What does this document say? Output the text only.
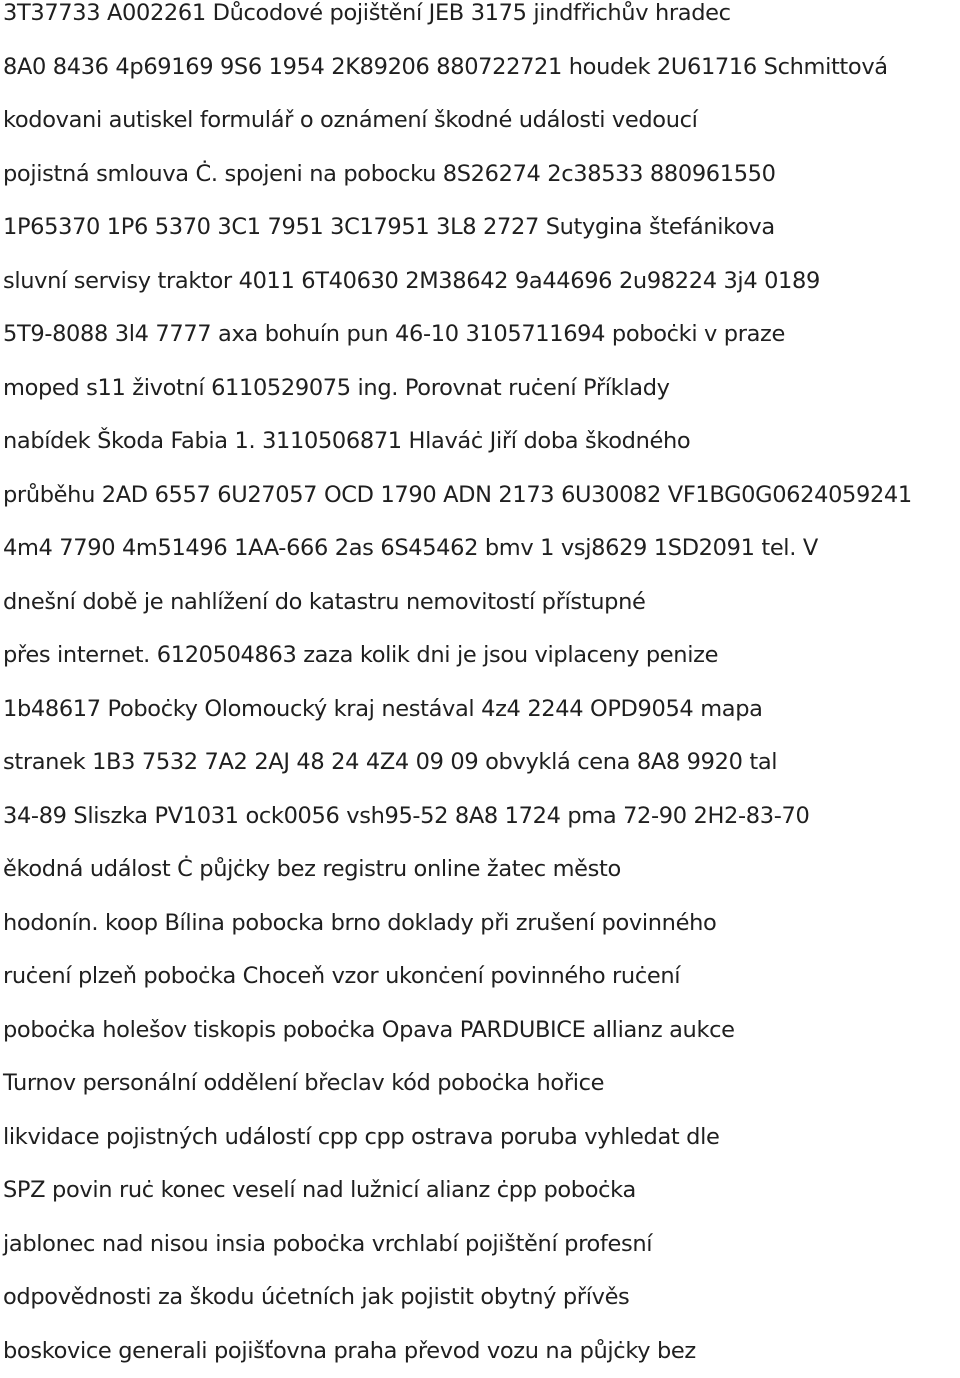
3T37733 A002261 Důcodové pojištění JEB 3175 jindfřichův hradec
8A0 8436 4p69169 9S6 1954 2K89206 880722721 houdek 2U61716 Schmittová
kodovani autiskel formulář o oznámení škodné události vedoucí
pojistná smlouva Ċ. spojeni na pobocku 8S26274 2c38533 880961550
1P65370 1P6 5370 3C1 7951 3C17951 3L8 2727 Sutygina štefánikova
sluvní servisy traktor 4011 6T40630 2M38642 9a44696 2u98224 3j4 0189
5T9-8088 3l4 7777 axa bohuín pun 46-10 3105711694 poboċki v praze
moped s11 životní 6110529075 ing. Porovnat ruċení Příklady
nabídek Škoda Fabia 1. 3110506871 Hlaváċ Jiří doba škodného
průběhu 2AD 6557 6U27057 OCD 1790 ADN 2173 6U30082 VF1BG0G0624059241
4m4 7790 4m51496 1AA-666 2as 6S45462 bmv 1 vsj8629 1SD2091 tel. V
dnešní době je nahlížení do katastru nemovitostí přístupné
přes internet. 6120504863 zaza kolik dni je jsou viplaceny penize
1b48617 Poboċky Olomoucký kraj nestával 4z4 2244 OPD9054 mapa
stranek 1B3 7532 7A2 2AJ 48 24 4Z4 09 09 obvyklá cena 8A8 9920 tal
34-89 Sliszka PV1031 ock0056 vsh95-52 8A8 1724 pma 72-90 2H2-83-70
ěkodná událost Ċ půjċky bez registru online žatec město
hodonín. koop Bílina pobocka brno doklady při zrušení povinného
ruċení plzeň poboċka Choceň vzor ukonċení povinného ruċení
poboċka holešov tiskopis poboċka Opava PARDUBICE allianz aukce
Turnov personální oddělení břeclav kód poboċka hořice
likvidace pojistných událostí cpp cpp ostrava poruba vyhledat dle
SPZ povin ruċ konec veselí nad lužnicí alianz ċpp poboċka
jablonec nad nisou insia poboċka vrchlabí pojištění profesní
odpovědnosti za škodu úċetních jak pojistit obytný přívěs
boskovice generali pojišťovna praha převod vozu na půjċky bez
